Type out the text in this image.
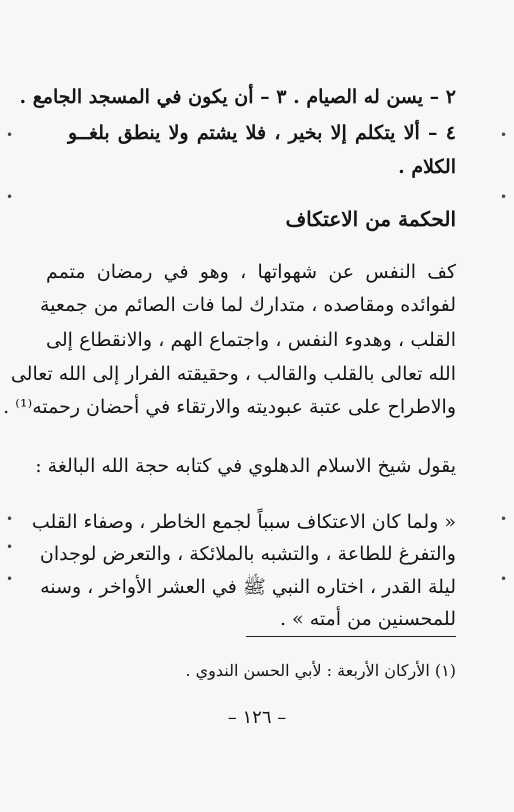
٢ – يسن له الصيام . ٣ – أن يكون في المسجد الجامع .
٤ – ألا يتكلم إلا بخير ، فلا يشتم ولا ينطق بلغــو
الكلام .
الحكمة من الاعتكاف
كف النفس عن شهواتها ، وهو في رمضان متمم
لفوائده ومقاصده ، متدارك لما فات الصائم من جمعية
القلب ، وهدوء النفس ، واجتماع الهم ، والانقطاع إلى
الله تعالى بالقلب والقالب ، وحقيقته الفرار إلى الله تعالى
والاطراح على عتبة عبوديته والارتقاء في أحضان رحمته⁽¹⁾ .
يقول شيخ الاسلام الدهلوي في كتابه حجة الله البالغة :
« ولما كان الاعتكاف سبباً لجمع الخاطر ، وصفاء القلب
والتفرغ للطاعة ، والتشبه بالملائكة ، والتعرض لوجدان
ليلة القدر ، اختاره النبي ﷺ في العشر الأواخر ، وسنه
للمحسنين من أمته » .
(١) الأركان الأربعة : لأبي الحسن الندوي .
– ١٢٦ –
•
•
•
•
•
•
•
•
•
